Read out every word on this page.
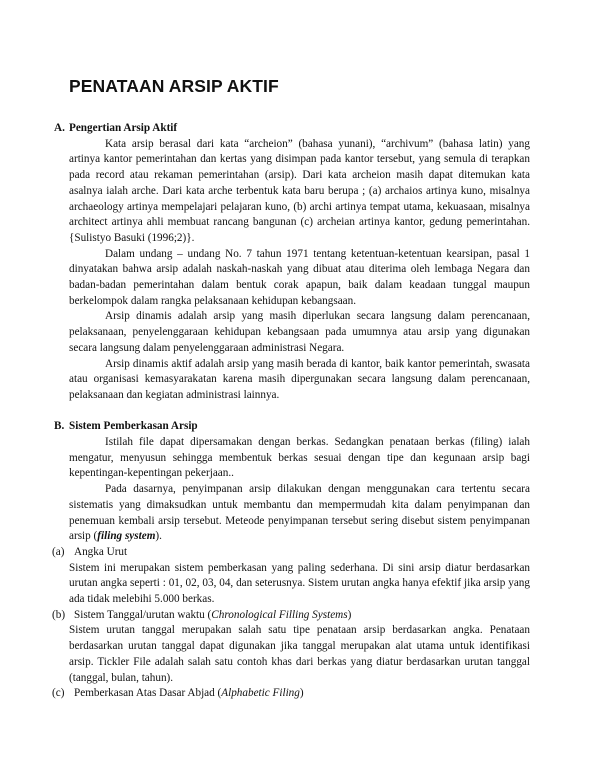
PENATAAN ARSIP AKTIF
A. Pengertian Arsip Aktif

Kata arsip berasal dari kata “archeion” (bahasa yunani), “archivum” (bahasa latin) yang artinya kantor pemerintahan dan kertas yang disimpan pada kantor tersebut, yang semula di terapkan pada record atau rekaman pemerintahan (arsip). Dari kata archeion masih dapat ditemukan kata asalnya ialah arche. Dari kata arche terbentuk kata baru berupa ; (a) archaios artinya kuno, misalnya archaeology artinya mempelajari pelajaran kuno, (b) archi artinya tempat utama, kekuasaan, misalnya architect artinya ahli membuat rancang bangunan (c) archeian artinya kantor, gedung pemerintahan. {Sulistyo Basuki (1996;2)}.

Dalam undang – undang No. 7 tahun 1971 tentang ketentuan-ketentuan kearsipan, pasal 1 dinyatakan bahwa arsip adalah naskah-naskah yang dibuat atau diterima oleh lembaga Negara dan badan-badan pemerintahan dalam bentuk corak apapun, baik dalam keadaan tunggal maupun berkelompok dalam rangka pelaksanaan kehidupan kebangsaan.

Arsip dinamis adalah arsip yang masih diperlukan secara langsung dalam perencanaan, pelaksanaan, penyelenggaraan kehidupan kebangsaan pada umumnya atau arsip yang digunakan secara langsung dalam penyelenggaraan administrasi Negara.

Arsip dinamis aktif adalah arsip yang masih berada di kantor, baik kantor pemerintah, swasata atau organisasi kemasyarakatan karena masih dipergunakan secara langsung dalam perencanaan, pelaksanaan dan kegiatan administrasi lainnya.

B. Sistem Pemberkasan Arsip

Istilah file dapat dipersamakan dengan berkas. Sedangkan penataan berkas (filing) ialah mengatur, menyusun sehingga membentuk berkas sesuai dengan tipe dan kegunaan arsip bagi kepentingan-kepentingan pekerjaan..

Pada dasarnya, penyimpanan arsip dilakukan dengan menggunakan cara tertentu secara sistematis yang dimaksudkan untuk membantu dan mempermudah kita dalam penyimpanan dan penemuan kembali arsip tersebut. Meteode penyimpanan tersebut sering disebut sistem penyimpanan arsip (filing system).

(a) Angka Urut

Sistem ini merupakan sistem pemberkasan yang paling sederhana. Di sini arsip diatur berdasarkan urutan angka seperti : 01, 02, 03, 04, dan seterusnya. Sistem urutan angka hanya efektif jika arsip yang ada tidak melebihi 5.000 berkas.

(b) Sistem Tanggal/urutan waktu (Chronological Filling Systems)

Sistem urutan tanggal merupakan salah satu tipe penataan arsip berdasarkan angka. Penataan berdasarkan urutan tanggal dapat digunakan jika tanggal merupakan alat utama untuk identifikasi arsip. Tickler File adalah salah satu contoh khas dari berkas yang diatur berdasarkan urutan tanggal (tanggal, bulan, tahun).

(c) Pemberkasan Atas Dasar Abjad (Alphabetic Filing)
